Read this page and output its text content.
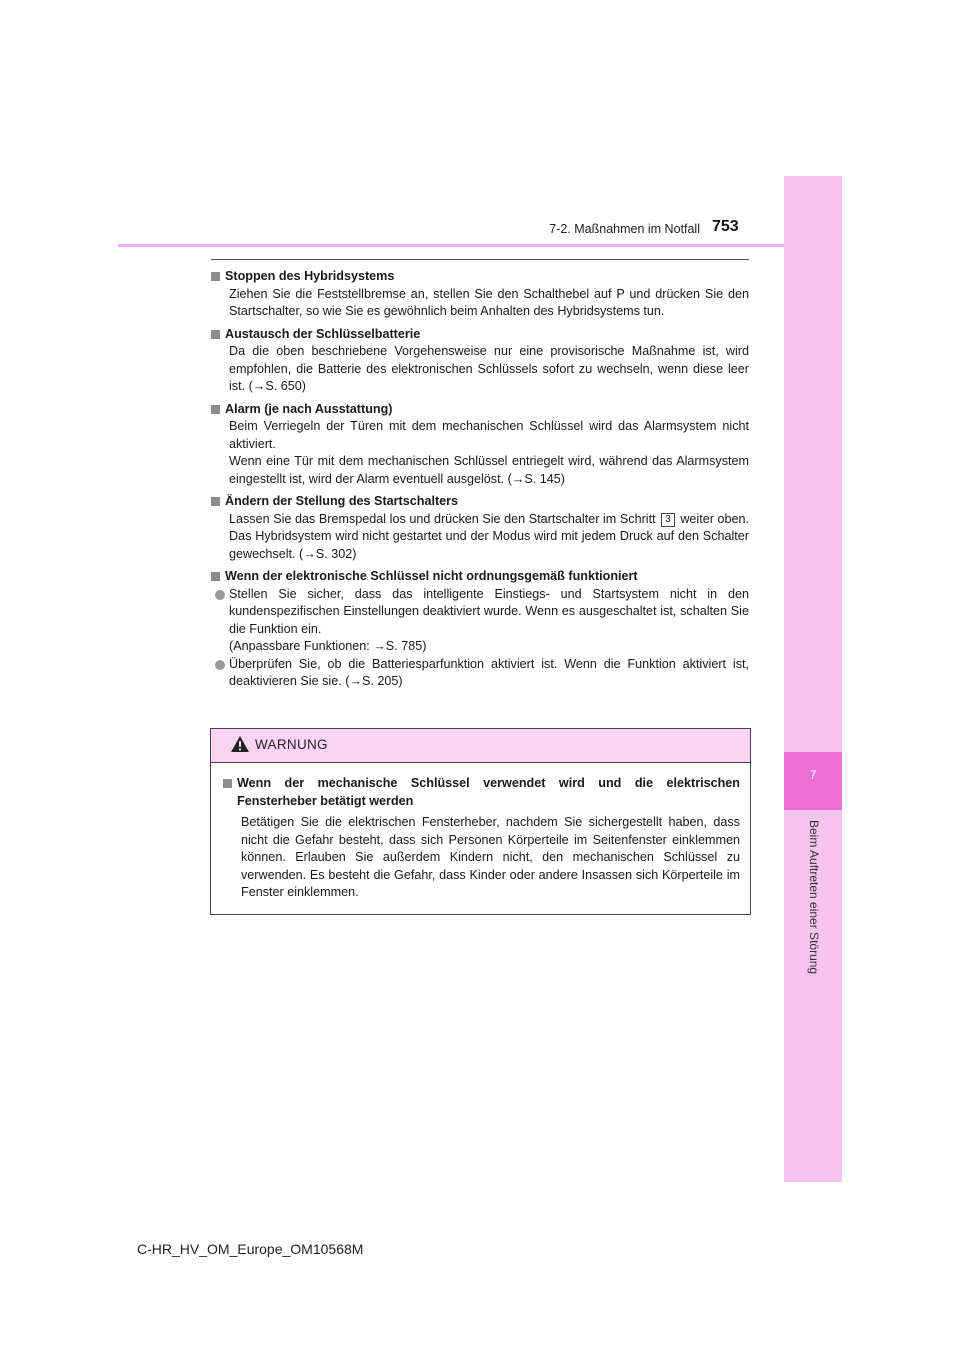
7
Beim Auftreten einer Störung
7-2. Maßnahmen im Notfall 753
Stoppen des Hybridsystems
Ziehen Sie die Feststellbremse an, stellen Sie den Schalthebel auf P und drücken Sie den Startschalter, so wie Sie es gewöhnlich beim Anhalten des Hybridsystems tun.
Austausch der Schlüsselbatterie
Da die oben beschriebene Vorgehensweise nur eine provisorische Maßnahme ist, wird empfohlen, die Batterie des elektronischen Schlüssels sofort zu wechseln, wenn diese leer ist. (→S. 650)
Alarm (je nach Ausstattung)

Beim Verriegeln der Türen mit dem mechanischen Schlüssel wird das Alarmsystem nicht aktiviert.

Wenn eine Tür mit dem mechanischen Schlüssel entriegelt wird, während das Alarmsystem eingestellt ist, wird der Alarm eventuell ausgelöst. (→S. 145)

Ändern der Stellung des Startschalters
Lassen Sie das Bremspedal los und drücken Sie den Startschalter im Schritt 3 weiter oben. Das Hybridsystem wird nicht gestartet und der Modus wird mit jedem Druck auf den Schalter gewechselt. (→S. 302)
Wenn der elektronische Schlüssel nicht ordnungsgemäß funktioniert
Stellen Sie sicher, dass das intelligente Einstiegs- und Startsystem nicht in den kundenspezifischen Einstellungen deaktiviert wurde. Wenn es ausgeschaltet ist, schalten Sie die Funktion ein.
(Anpassbare Funktionen: →S. 785)
Überprüfen Sie, ob die Batteriesparfunktion aktiviert ist. Wenn die Funktion aktiviert ist, deaktivieren Sie sie. (→S. 205)
WARNUNG
Wenn der mechanische Schlüssel verwendet wird und die elektrischen Fensterheber betätigt werden
Betätigen Sie die elektrischen Fensterheber, nachdem Sie sichergestellt haben, dass nicht die Gefahr besteht, dass sich Personen Körperteile im Seitenfenster einklemmen können. Erlauben Sie außerdem Kindern nicht, den mechanischen Schlüssel zu verwenden. Es besteht die Gefahr, dass Kinder oder andere Insassen sich Körperteile im Fenster einklemmen.
C-HR_HV_OM_Europe_OM10568M
